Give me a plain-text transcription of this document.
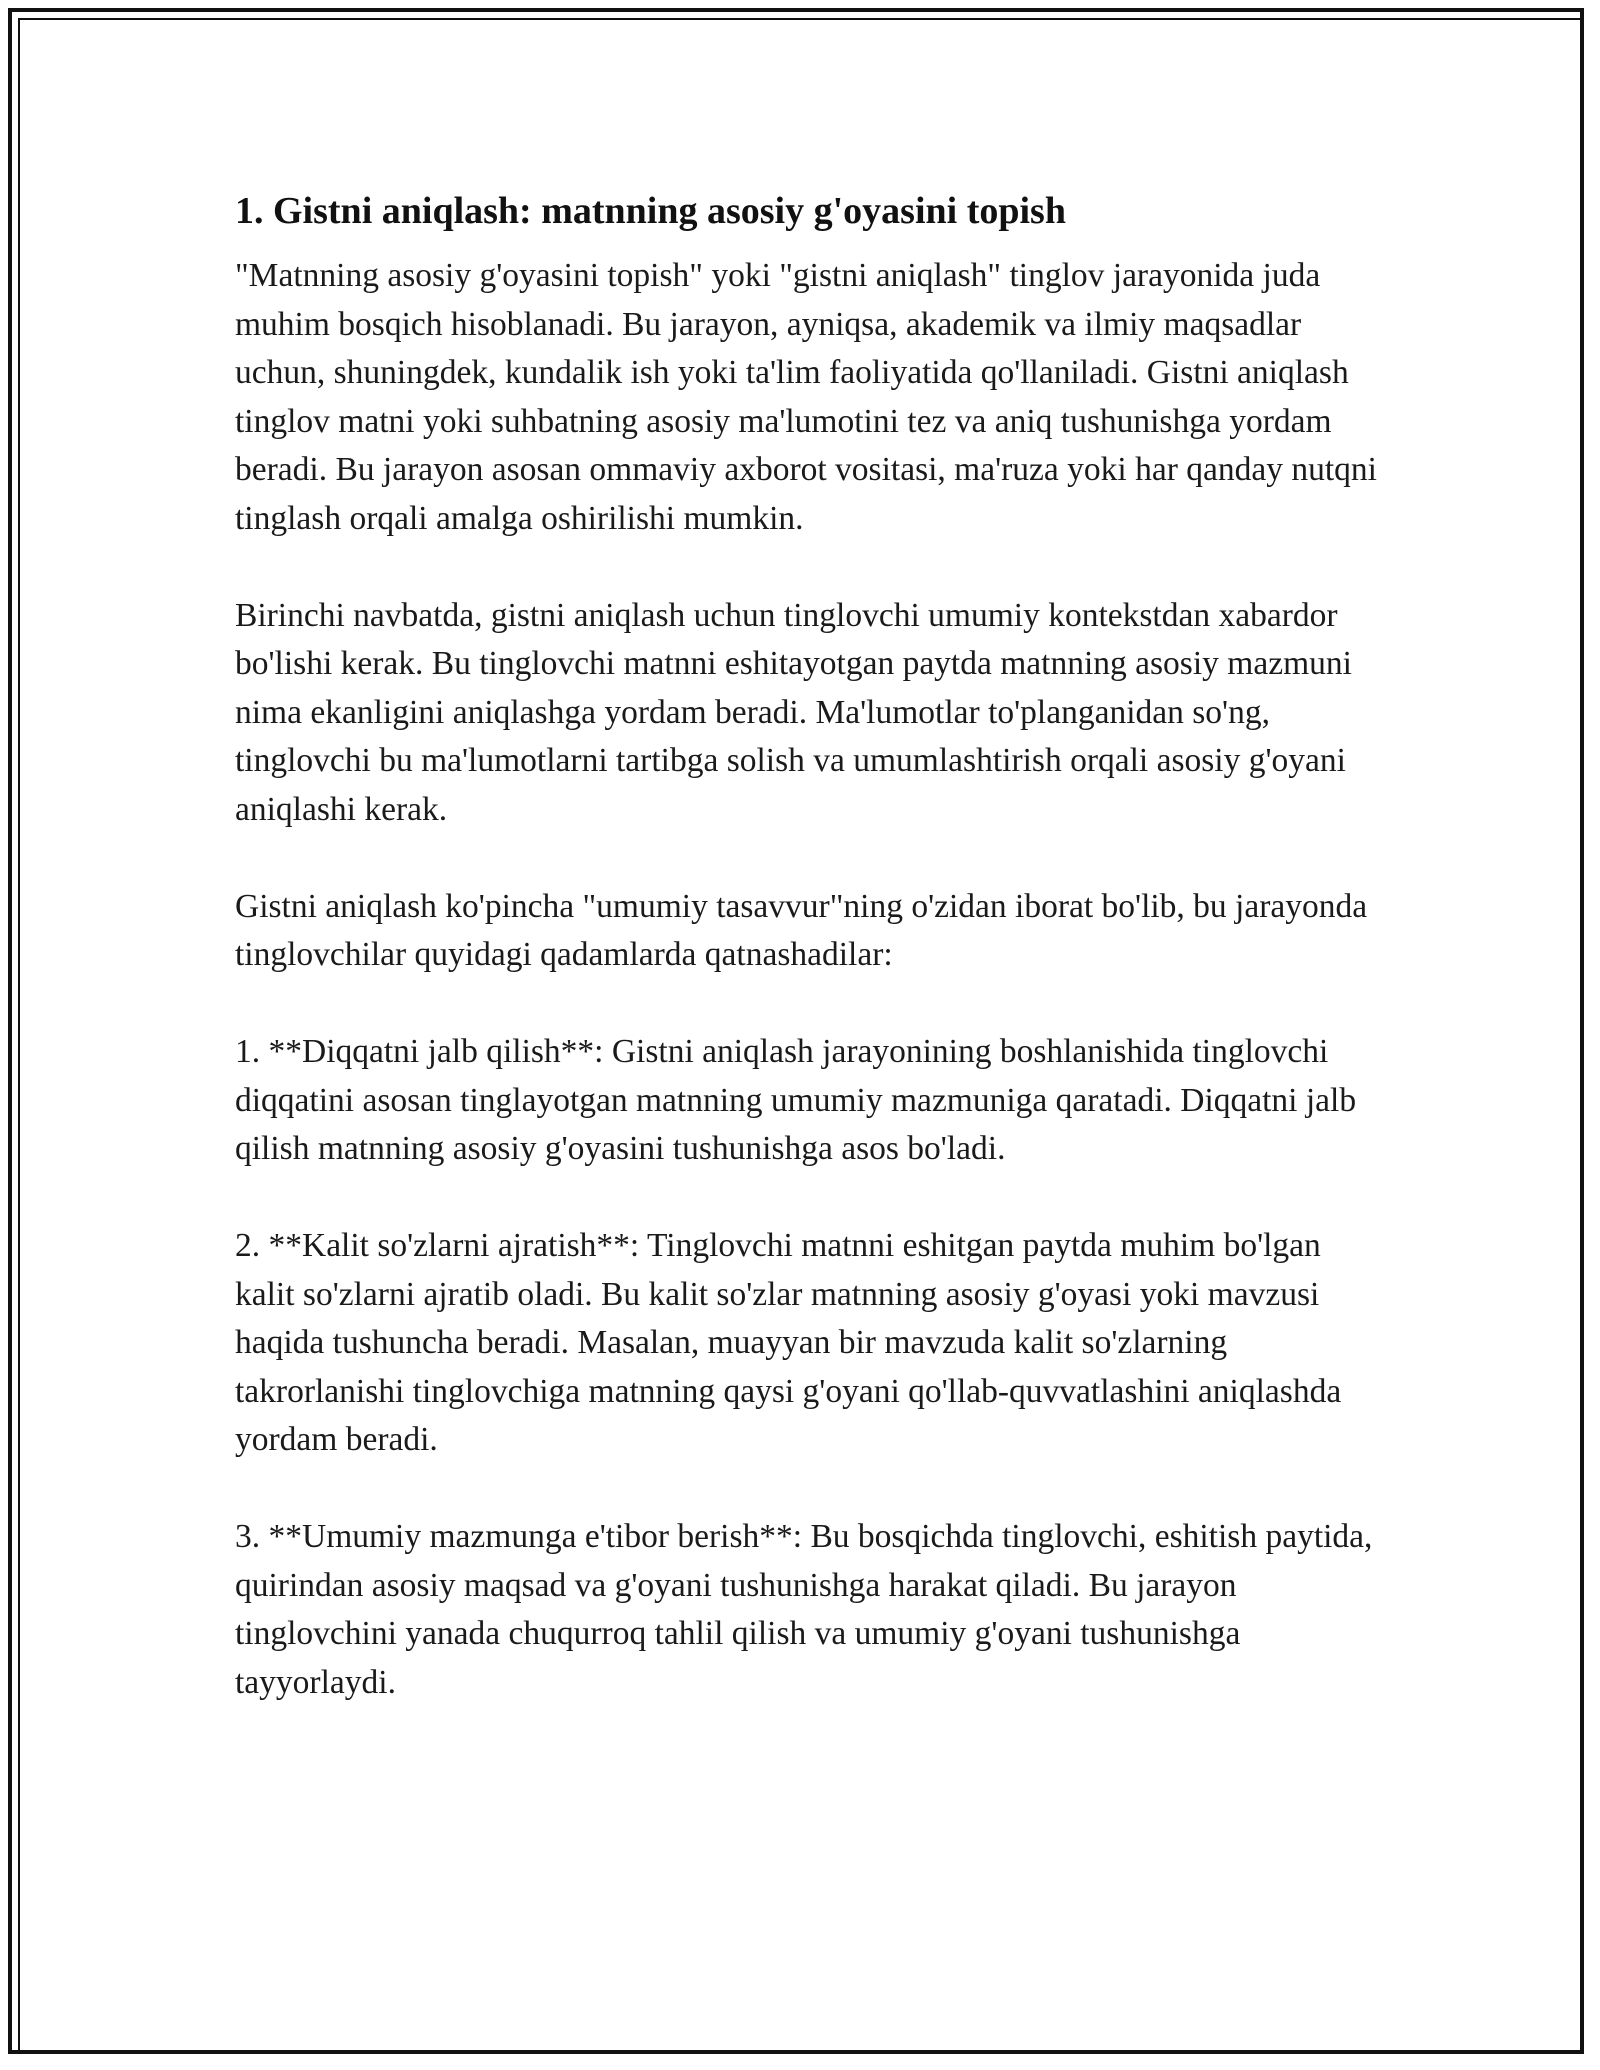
1. Gistni aniqlash: matnning asosiy g'oyasini topish

"Matnning asosiy g'oyasini topish" yoki "gistni aniqlash" tinglov jarayonida juda muhim bosqich hisoblanadi. Bu jarayon, ayniqsa, akademik va ilmiy maqsadlar uchun, shuningdek, kundalik ish yoki ta'lim faoliyatida qo'llaniladi. Gistni aniqlash tinglov matni yoki suhbatning asosiy ma'lumotini tez va aniq tushunishga yordam beradi. Bu jarayon asosan ommaviy axborot vositasi, ma'ruza yoki har qanday nutqni tinglash orqali amalga oshirilishi mumkin.

Birinchi navbatda, gistni aniqlash uchun tinglovchi umumiy kontekstdan xabardor bo'lishi kerak. Bu tinglovchi matnni eshitayotgan paytda matnning asosiy mazmuni nima ekanligini aniqlashga yordam beradi. Ma'lumotlar to'planganidan so'ng, tinglovchi bu ma'lumotlarni tartibga solish va umumlashtirish orqali asosiy g'oyani aniqlashi kerak.

Gistni aniqlash ko'pincha "umumiy tasavvur"ning o'zidan iborat bo'lib, bu jarayonda tinglovchilar quyidagi qadamlarda qatnashadilar:

1. **Diqqatni jalb qilish**: Gistni aniqlash jarayonining boshlanishida tinglovchi diqqatini asosan tinglayotgan matnning umumiy mazmuniga qaratadi. Diqqatni jalb qilish matnning asosiy g'oyasini tushunishga asos bo'ladi.

2. **Kalit so'zlarni ajratish**: Tinglovchi matnni eshitgan paytda muhim bo'lgan kalit so'zlarni ajratib oladi. Bu kalit so'zlar matnning asosiy g'oyasi yoki mavzusi haqida tushuncha beradi. Masalan, muayyan bir mavzuda kalit so'zlarning takrorlanishi tinglovchiga matnning qaysi g'oyani qo'llab-quvvatlashini aniqlashda yordam beradi.

3. **Umumiy mazmunga e'tibor berish**: Bu bosqichda tinglovchi, eshitish paytida, quirindan asosiy maqsad va g'oyani tushunishga harakat qiladi. Bu jarayon tinglovchini yanada chuqurroq tahlil qilish va umumiy g'oyani tushunishga tayyorlaydi.
